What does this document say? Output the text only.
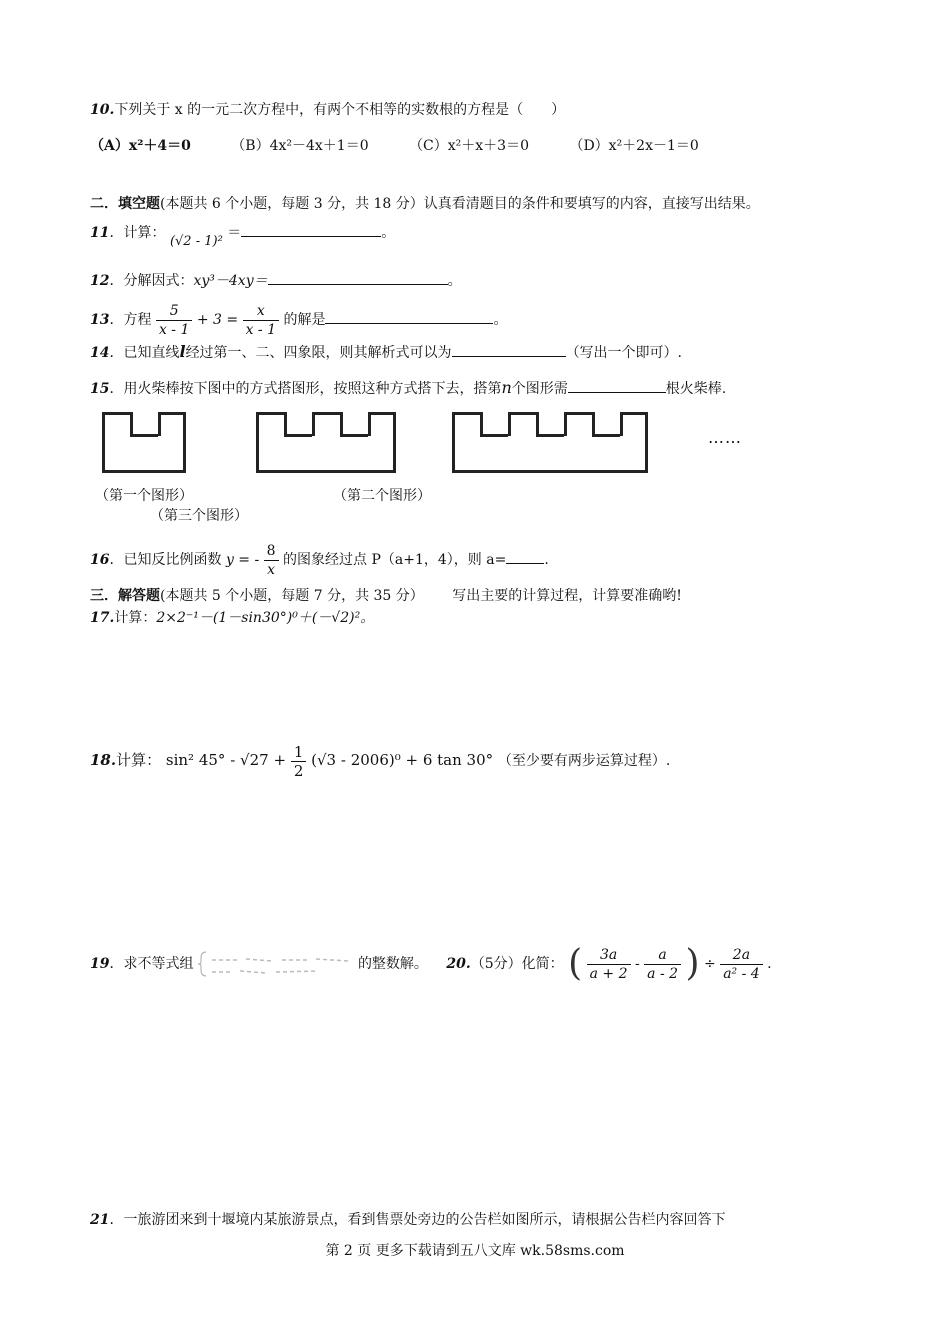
10.下列关于 x 的一元二次方程中，有两个不相等的实数根的方程是（　　）
（A）x²＋4＝0	（B）4x²－4x＋1＝0	（C）x²＋x＋3＝0	（D）x²＋2x－1＝0
二．填空题(本题共 6 个小题，每题 3 分，共 18 分）认真看清题目的条件和要填写的内容，直接写出结果。
11．计算： (√2 - 1)² ＝	。
12．分解因式：xy³－4xy＝	。
13．方程 $\frac{5}{x - 1} + 3 = \frac{x}{x - 1}$ 的解是	。
14．已知直线l经过第一、二、四象限，则其解析式可以为	（写出一个即可）.
15．用火柴棒按下图中的方式搭图形，按照这种方式搭下去，搭第n个图形需	根火柴棒.
……
（第一个图形）	（第二个图形）
（第三个图形）
16．已知反比例函数 y = - $\frac{8}{x}$ 的图象经过点 P（a+1，4），则 a=	.
三．解答题(本题共 5 个小题，每题 7 分，共 35 分） 写出主要的计算过程，计算要准确哟!
17.计算：2×2⁻¹－(1－sin30°)⁰＋(－√2)²。
18.计算： sin² $45^\circ - √27 + \frac{1}{2} (√3 - 2006)^0 + 6$ tan 30° （至少要有两步运算过程）.
19．求不等式组	的整数解。 20.（5分）化简： ( $\frac{3a}{a + 2} - \frac{a}{a - 2}$ ) ÷ $\frac{2a}{\text{a² - 4}}$ .
21．一旅游团来到十堰境内某旅游景点，看到售票处旁边的公告栏如图所示，请根据公告栏内容回答下
第 2 页 更多下载请到五八文库 wk.58sms.com
